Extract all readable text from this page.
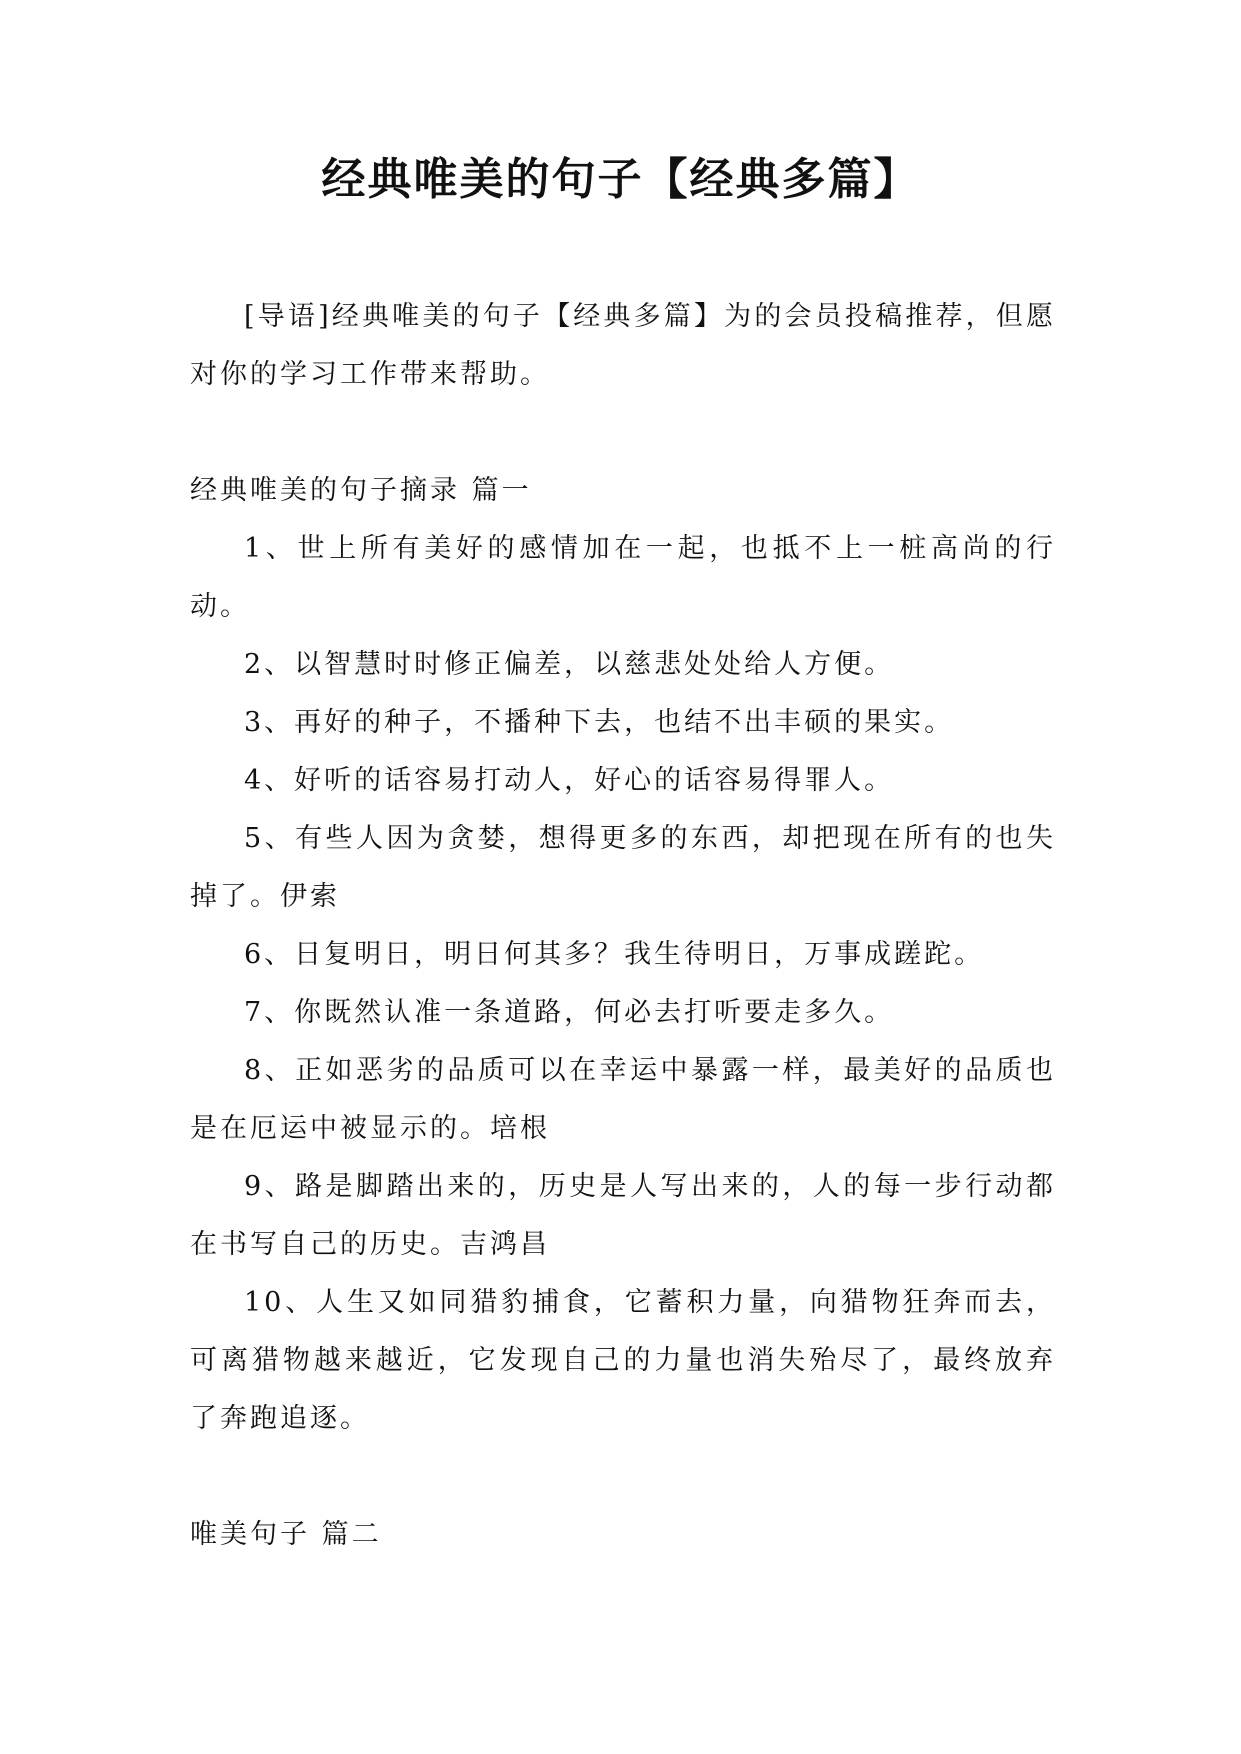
经典唯美的句子【经典多篇】

[导语]经典唯美的句子【经典多篇】为的会员投稿推荐，但愿对你的学习工作带来帮助。

经典唯美的句子摘录 篇一

1、世上所有美好的感情加在一起，也抵不上一桩高尚的行动。

2、以智慧时时修正偏差，以慈悲处处给人方便。

3、再好的种子，不播种下去，也结不出丰硕的果实。

4、好听的话容易打动人，好心的话容易得罪人。

5、有些人因为贪婪，想得更多的东西，却把现在所有的也失掉了。伊索

6、日复明日，明日何其多？我生待明日，万事成蹉跎。

7、你既然认准一条道路，何必去打听要走多久。

8、正如恶劣的品质可以在幸运中暴露一样，最美好的品质也是在厄运中被显示的。培根

9、路是脚踏出来的，历史是人写出来的，人的每一步行动都在书写自己的历史。吉鸿昌

10、人生又如同猎豹捕食，它蓄积力量，向猎物狂奔而去，可离猎物越来越近，它发现自己的力量也消失殆尽了，最终放弃了奔跑追逐。

唯美句子 篇二
